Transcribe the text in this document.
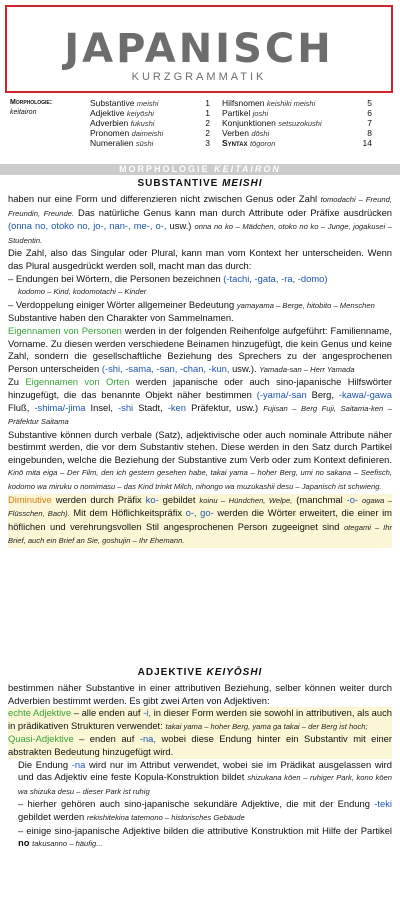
JAPANISCH
KURZGRAMMATIK
Morphologie:
keitairon
Substantive meishi	1
Adjektive keiyōshi	1
Adverbien fukushi	2
Pronomen daimeishi	2
Numeralien sūshi	3
Hilfsnomen keishiki meishi	5
Partikel joshi	6
Konjunktionen setsuzokushi	7
Verben dōshi	8
Syntax tōgoron	14
MORPHOLOGIE KEITAIRON
SUBSTANTIVE MEISHI

haben nur eine Form und differenzieren nicht zwischen Genus oder Zahl tomodachi – Freund, Freundin, Freunde. Das natürliche Genus kann man durch Attribute oder Präfixe ausdrücken (onna no, otoko no, jo-, nan-, me-, o-, usw.) onna no ko – Mädchen, otoko no ko – Junge, jogakusei – Studentin.

Die Zahl, also das Singular oder Plural, kann man vom Kontext her unterscheiden. Wenn das Plural ausgedrückt werden soll, macht man das durch:

– Endungen bei Wörtern, die Personen bezeichnen (-tachi, -gata, -ra, -domo)
kodomo – Kind, kodomotachi – Kinder

– Verdoppelung einiger Wörter allgemeiner Bedeutung yamayama – Berge, hitobito – Menschen

Substantive haben den Charakter von Sammelnamen.

Eigennamen von Personen werden in der folgenden Reihenfolge aufgeführt: Familienname, Vorname. Zu diesen werden verschiedene Beinamen hinzugefügt, die kein Genus und keine Zahl, sondern die gesellschaftliche Beziehung des Sprechers zu der angesprochenen Person unterscheiden (-shi, -sama, -san, -chan, -kun, usw.). Yamada-san – Herr Yamada

Zu Eigennamen von Orten werden japanische oder auch sino-japanische Hilfswörter hinzugefügt, die das benannte Objekt näher bestimmen (-yama/-san Berg, -kawa/-gawa Fluß, -shima/-jima Insel, -shi Stadt, -ken Präfektur, usw.) Fujisan – Berg Fuji, Saitama-ken – Präfektur Saitama

Substantive können durch verbale (Satz), adjektivische oder auch nominale Attribute näher bestimmt werden, die vor dem Substantiv stehen. Diese werden in den Satz durch Partikel eingebunden, welche die Beziehung der Substantive zum Verb oder zum Kontext definieren. Kinō mita eiga – Der Film, den ich gestern gesehen habe, takai yama – hoher Berg, umi no sakana – Seefisch, kodomo wa miruku o nomimasu – das Kind trinkt Milch, nihongo wa muzukashii desu – Japanisch ist schwierig.

Diminutive werden durch Präfix ko- gebildet koinu – Hündchen, Welpe, (manchmal -o- ogawa – Flüsschen, Bach). Mit dem Höflichkeitspräfix o-, go- werden die Wörter erweitert, die einer im höflichen und verehrungsvollen Stil angesprochenen Person zugeeignet sind otegami – Ihr Brief, auch ein Brief an Sie, goshujin – Ihr Ehemann.

ADJEKTIVE KEIYŌSHI

bestimmen näher Substantive in einer attributiven Beziehung, selber können weiter durch Adverbien bestimmt werden. Es gibt zwei Arten von Adjektiven:

echte Adjektive – alle enden auf -i, in dieser Form werden sie sowohl in attributiven, als auch in prädikativen Strukturen verwendet: takai yama – hoher Berg, yama ga takai – der Berg ist hoch;

Quasi-Adjektive – enden auf -na, wobei diese Endung hinter ein Substantiv mit einer abstrakten Bedeutung hinzugefügt wird.

Die Endung -na wird nur im Attribut verwendet, wobei sie im Prädikat ausgelassen wird und das Adjektiv eine feste Kopula-Konstruktion bildet shizukana kōen – ruhiger Park, kono kōen wa shizuka desu – dieser Park ist ruhig

– hierher gehören auch sino-japanische sekundäre Adjektive, die mit der Endung -teki gebildet werden rekishitekina tatemono – historisches Gebäude

– einige sino-japanische Adjektive bilden die attributive Konstruktion mit Hilfe der Partikel no takusanno – häufig...
